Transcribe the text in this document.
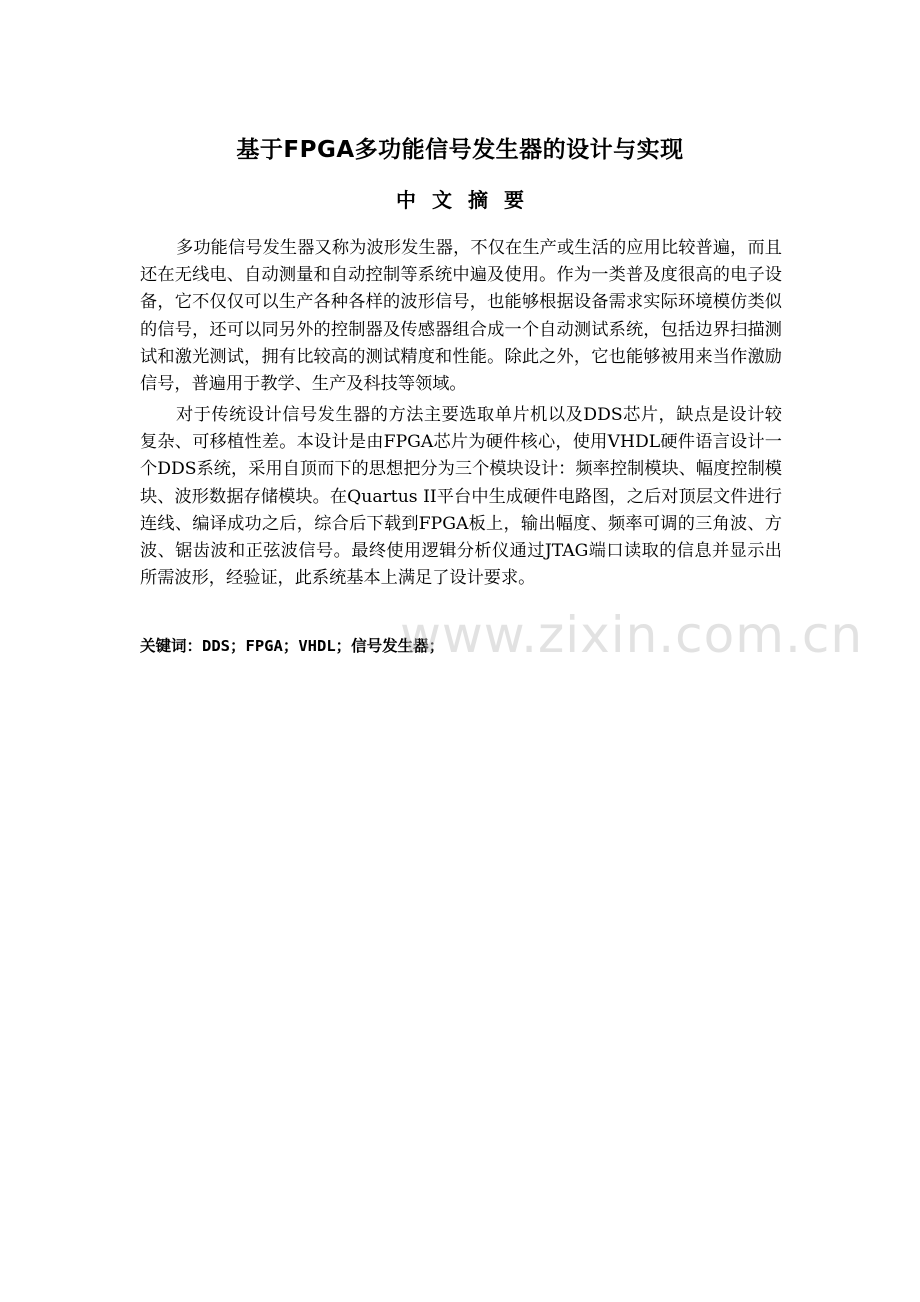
基于FPGA多功能信号发生器的设计与实现
中文摘要

多功能信号发生器又称为波形发生器，不仅在生产或生活的应用比较普遍，而且还在无线电、自动测量和自动控制等系统中遍及使用。作为一类普及度很高的电子设备，它不仅仅可以生产各种各样的波形信号，也能够根据设备需求实际环境模仿类似的信号，还可以同另外的控制器及传感器组合成一个自动测试系统，包括边界扫描测试和激光测试，拥有比较高的测试精度和性能。除此之外，它也能够被用来当作激励信号，普遍用于教学、生产及科技等领域。

对于传统设计信号发生器的方法主要选取单片机以及DDS芯片，缺点是设计较复杂、可移植性差。本设计是由FPGA芯片为硬件核心，使用VHDL硬件语言设计一个DDS系统，采用自顶而下的思想把分为三个模块设计：频率控制模块、幅度控制模块、波形数据存储模块。在Quartus II平台中生成硬件电路图，之后对顶层文件进行连线、编译成功之后，综合后下载到FPGA板上，输出幅度、频率可调的三角波、方波、锯齿波和正弦波信号。最终使用逻辑分析仪通过JTAG端口读取的信息并显示出所需波形，经验证，此系统基本上满足了设计要求。

关键词：DDS；FPGA；VHDL；信号发生器；
www.zixin.com.cn
